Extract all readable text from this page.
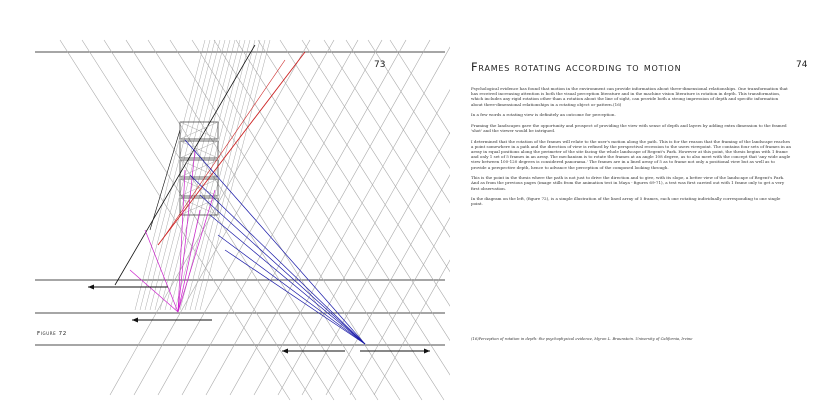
73
Figure 72
Frames rotating according to motion	74

Psychological evidence has found that motion in the environment can provide information about three-dimensional relationships. One transformation that has received increasing attention is both the visual perception literature and in the machine vision literature is rotation in depth. This transformation, which includes any rigid rotation other than a rotation about the line of sight, can provide both a strong impression of depth and specific information about three-dimensional relationships in a rotating object or pattern.(16)

In a few words a rotating view is definitely an outcome for perception.

Framing the landscapes gave the opportunity and prospect of providing the view with sense of depth and layers by adding extra dimension to the framed 'shot' and the viewer would be intrigued.

I determined that the rotation of the frames will relate to the user's motion along the path. This is for the reason that the framing of the landscape reaches a point somewhere in a path and the direction of view is refined by the perspectival recession to the users viewpoint. The contains four sets of frames in an array in equal positions along the perimeter of the site facing the whole landscape of Regent's Park. However at this point, the thesis begins with 1 frame and only 1 set of 5 frames in an array. The mechanism is to rotate the frames at an angle 108 degree, as to also meet with the concept that 'any wide angle view between 100-120 degrees is considered panorama.' The frames are in a lined array of 5 as to frame not only a positional view but as well as to provide a perspective depth, hence to advance the perception of the composed looking through.

This is the point in the thesis where the path is not just to drive the direction and to give, with its slope, a better view of the landscape of Regent's Park. And as from the previous pages (image stills from the animation test in Maya - figures 69-71), a test was first carried out with 1 frame only to get a very first observation.

In the diagram on the left, (figure 72), is a simple illustration of the lined array of 5 frames, each one rotating individually corresponding to one single point.

(16)Perception of rotation in depth: the psychophysical evidence, Myron L. Braunstein. University of California, Irvine
